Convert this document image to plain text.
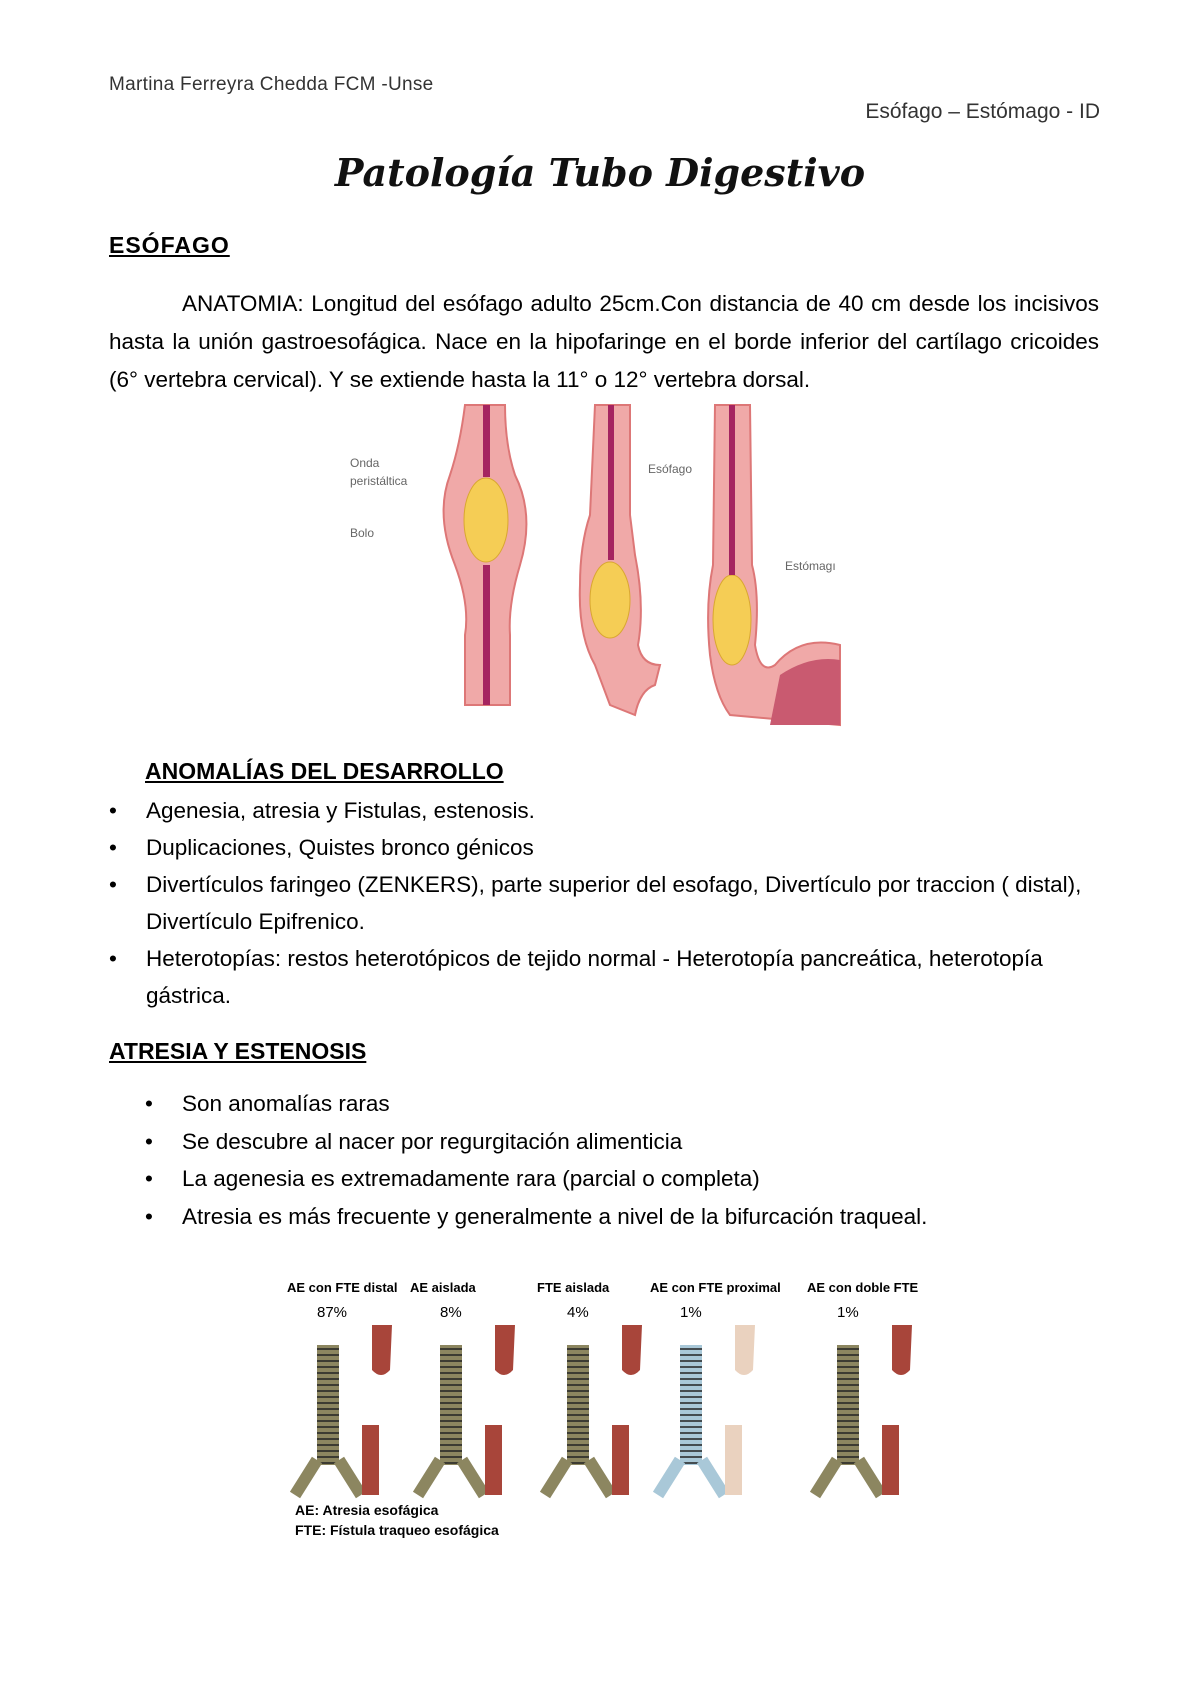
Martina Ferreyra Chedda FCM -Unse
Esófago – Estómago - ID
Patología Tubo Digestivo
ESÓFAGO
ANATOMIA: Longitud del esófago adulto 25cm.Con distancia de 40 cm desde los incisivos hasta la unión gastroesofágica. Nace en la hipofaringe en el borde inferior del cartílago cricoides (6° vertebra cervical). Y se extiende hasta la 11° o 12° vertebra dorsal.
Onda
peristáltica
Bolo
Esófago
Estómagı
ANOMALÍAS DEL DESARROLLO
• Agenesia, atresia y Fistulas, estenosis.
• Duplicaciones, Quistes bronco génicos
• Divertículos faringeo (ZENKERS), parte superior del esofago, Divertículo por traccion ( distal), Divertículo Epifrenico.
• Heterotopías: restos heterotópicos de tejido normal - Heterotopía pancreática, heterotopía gástrica.
ATRESIA Y ESTENOSIS
• Son anomalías raras
• Se descubre al nacer por regurgitación alimenticia
• La agenesia es extremadamente rara (parcial o completa)
• Atresia es más frecuente y generalmente a nivel de la bifurcación traqueal.
AE con FTE distal
87%
AE aislada
8%
FTE aislada
4%
AE con FTE proximal
1%
AE con doble FTE
1%
AE: Atresia esofágica
FTE: Fístula traqueo esofágica
